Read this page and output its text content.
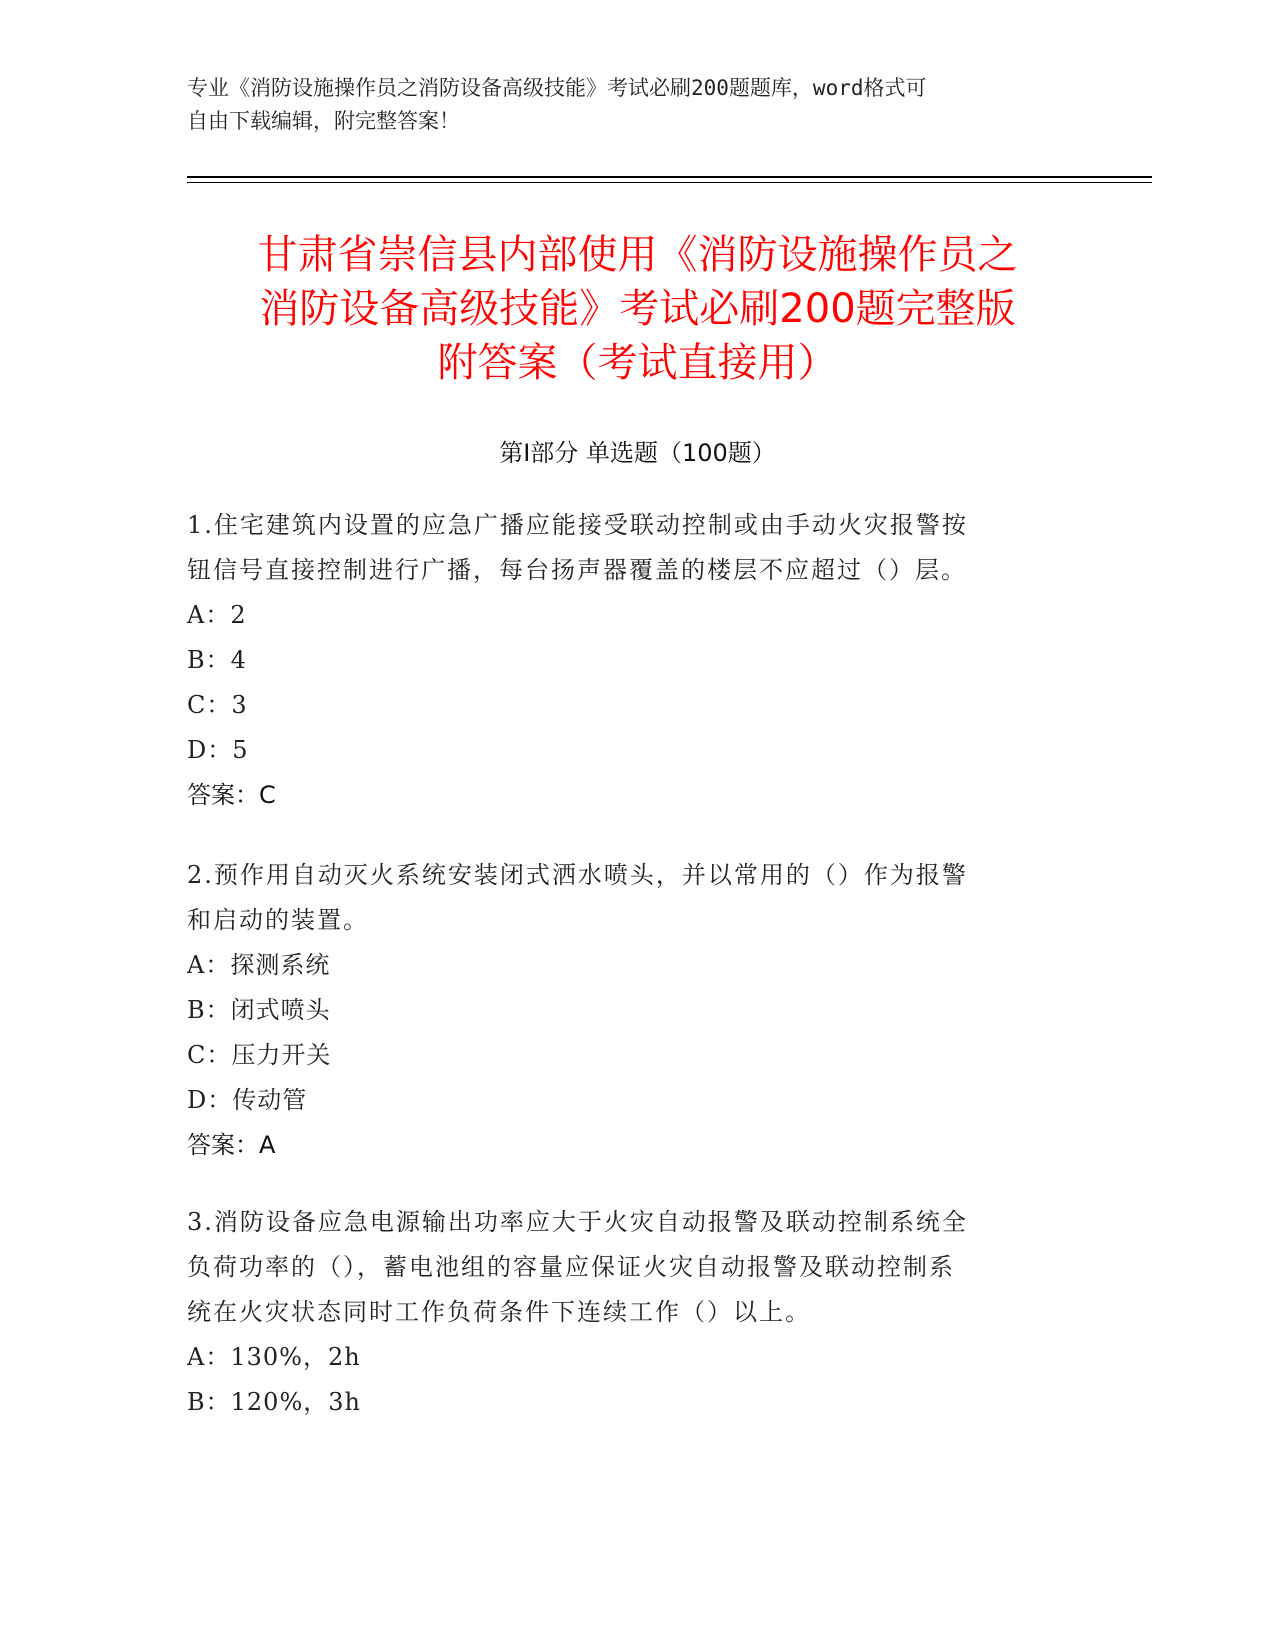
专业《消防设施操作员之消防设备高级技能》考试必刷200题题库，word格式可
自由下载编辑，附完整答案！
甘肃省崇信县内部使用《消防设施操作员之
消防设备高级技能》考试必刷200题完整版
附答案（考试直接用）
第Ⅰ部分 单选题（100题）
1.住宅建筑内设置的应急广播应能接受联动控制或由手动火灾报警按
钮信号直接控制进行广播，每台扬声器覆盖的楼层不应超过（）层。
A：2
B：4
C：3
D：5
答案：C
2.预作用自动灭火系统安装闭式洒水喷头，并以常用的（）作为报警
和启动的装置。
A：探测系统
B：闭式喷头
C：压力开关
D：传动管
答案：A
3.消防设备应急电源输出功率应大于火灾自动报警及联动控制系统全
负荷功率的（），蓄电池组的容量应保证火灾自动报警及联动控制系
统在火灾状态同时工作负荷条件下连续工作（）以上。
A：130%，2h
B：120%，3h
